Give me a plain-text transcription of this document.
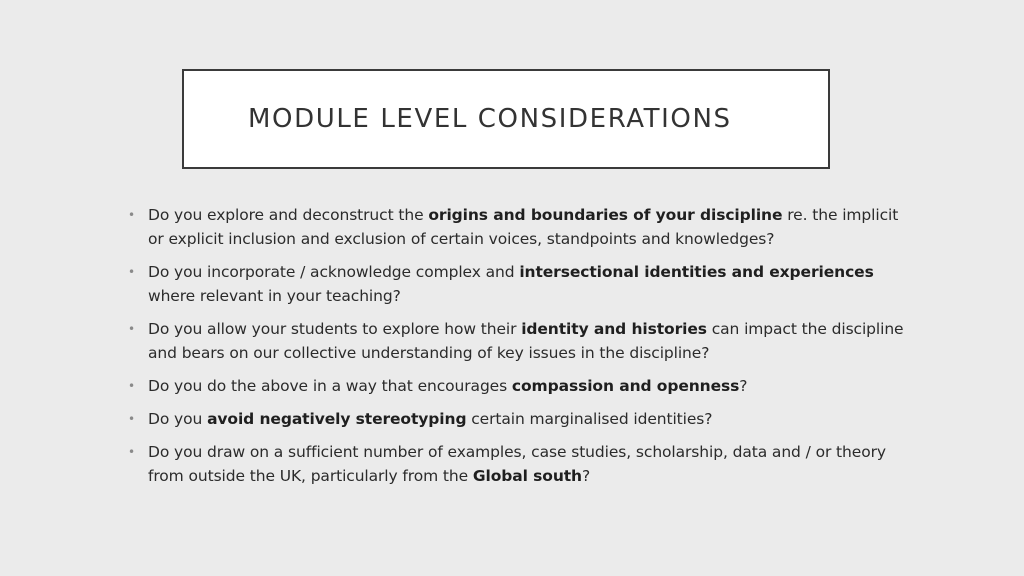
MODULE LEVEL CONSIDERATIONS
• Do you explore and deconstruct the origins and boundaries of your discipline re. the implicit or explicit inclusion and exclusion of certain voices, standpoints and knowledges?
• Do you incorporate / acknowledge complex and intersectional identities and experiences where relevant in your teaching?
• Do you allow your students to explore how their identity and histories can impact the discipline and bears on our collective understanding of key issues in the discipline?
• Do you do the above in a way that encourages compassion and openness?
• Do you avoid negatively stereotyping certain marginalised identities?
• Do you draw on a sufficient number of examples, case studies, scholarship, data and / or theory from outside the UK, particularly from the Global south?
